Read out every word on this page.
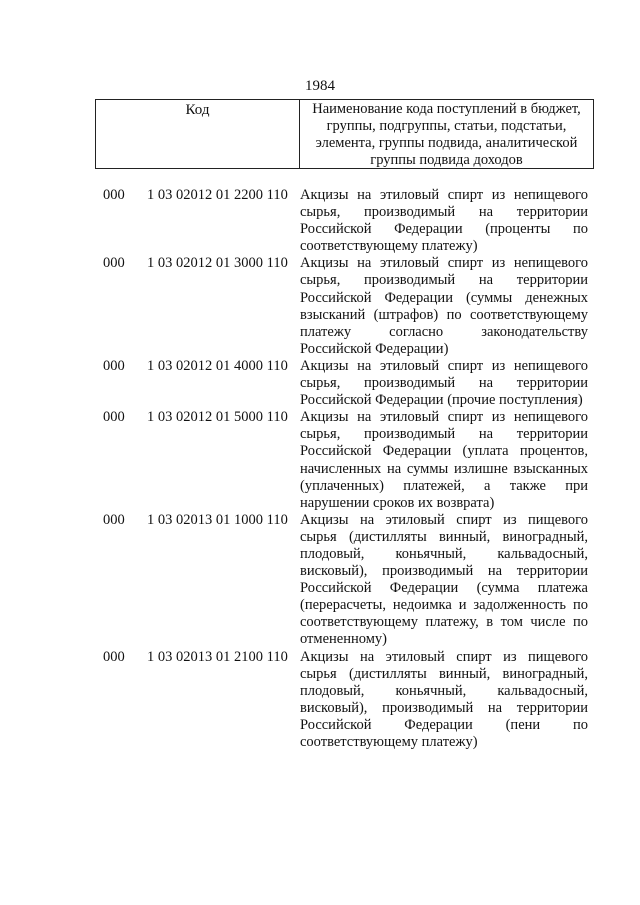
1984
Код	Наименование кода поступлений в бюджет, группы, подгруппы, статьи, подстатьи, элемента, группы подвида, аналитической группы подвида доходов
000 1 03 02012 01 2200 110 Акцизы на этиловый спирт из непищевого сырья, производимый на территории Российской Федерации (проценты по соответствующему платежу)
000 1 03 02012 01 3000 110 Акцизы на этиловый спирт из непищевого сырья, производимый на территории Российской Федерации (суммы денежных взысканий (штрафов) по соответствующему платежу согласно законодательству Российской Федерации)
000 1 03 02012 01 4000 110 Акцизы на этиловый спирт из непищевого сырья, производимый на территории Российской Федерации (прочие поступления)
000 1 03 02012 01 5000 110 Акцизы на этиловый спирт из непищевого сырья, производимый на территории Российской Федерации (уплата процентов, начисленных на суммы излишне взысканных (уплаченных) платежей, а также при нарушении сроков их возврата)
000 1 03 02013 01 1000 110 Акцизы на этиловый спирт из пищевого сырья (дистилляты винный, виноградный, плодовый, коньячный, кальвадосный, висковый), производимый на территории Российской Федерации (сумма платежа (перерасчеты, недоимка и задолженность по соответствующему платежу, в том числе по отмененному)
000 1 03 02013 01 2100 110 Акцизы на этиловый спирт из пищевого сырья (дистилляты винный, виноградный, плодовый, коньячный, кальвадосный, висковый), производимый на территории Российской Федерации (пени по соответствующему платежу)
